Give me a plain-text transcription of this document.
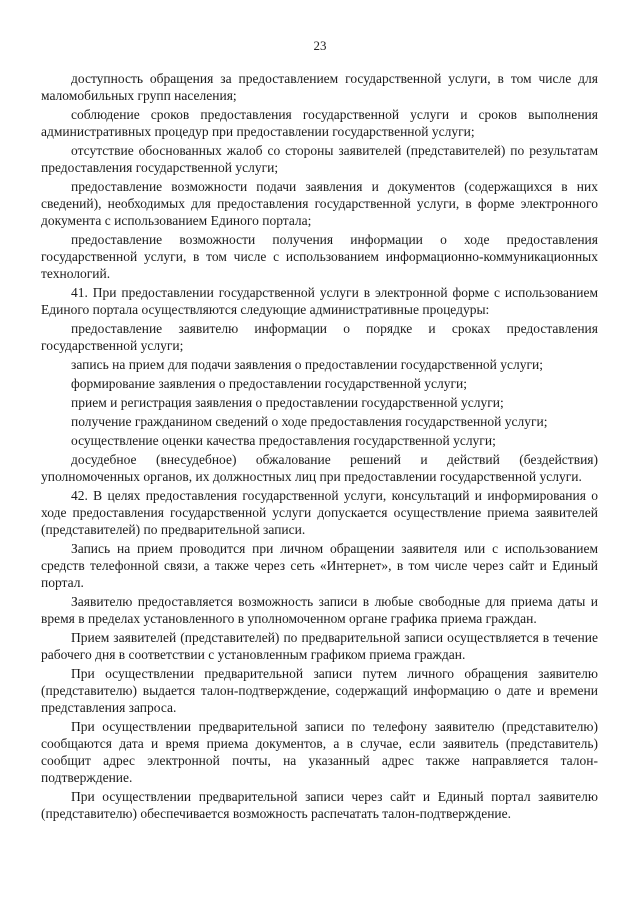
23

доступность обращения за предоставлением государственной услуги, в том числе для маломобильных групп населения;

соблюдение сроков предоставления государственной услуги и сроков выполнения административных процедур при предоставлении государственной услуги;

отсутствие обоснованных жалоб со стороны заявителей (представителей) по результатам предоставления государственной услуги;

предоставление возможности подачи заявления и документов (содержащихся в них сведений), необходимых для предоставления государственной услуги, в форме электронного документа с использованием Единого портала;

предоставление возможности получения информации о ходе предоставления государственной услуги, в том числе с использованием информационно-коммуникационных технологий.

41. При предоставлении государственной услуги в электронной форме с использованием Единого портала осуществляются следующие административные процедуры:

предоставление заявителю информации о порядке и сроках предоставления государственной услуги;

запись на прием для подачи заявления о предоставлении государственной услуги;

формирование заявления о предоставлении государственной услуги;

прием и регистрация заявления о предоставлении государственной услуги;

получение гражданином сведений о ходе предоставления государственной услуги;

осуществление оценки качества предоставления государственной услуги;

досудебное (внесудебное) обжалование решений и действий (бездействия) уполномоченных органов, их должностных лиц при предоставлении государственной услуги.

42. В целях предоставления государственной услуги, консультаций и информирования о ходе предоставления государственной услуги допускается осуществление приема заявителей (представителей) по предварительной записи.

Запись на прием проводится при личном обращении заявителя или с использованием средств телефонной связи, а также через сеть «Интернет», в том числе через сайт и Единый портал.

Заявителю предоставляется возможность записи в любые свободные для приема даты и время в пределах установленного в уполномоченном органе графика приема граждан.

Прием заявителей (представителей) по предварительной записи осуществляется в течение рабочего дня в соответствии с установленным графиком приема граждан.

При осуществлении предварительной записи путем личного обращения заявителю (представителю) выдается талон-подтверждение, содержащий информацию о дате и времени представления запроса.

При осуществлении предварительной записи по телефону заявителю (представителю) сообщаются дата и время приема документов, а в случае, если заявитель (представитель) сообщит адрес электронной почты, на указанный адрес также направляется талон-подтверждение.

При осуществлении предварительной записи через сайт и Единый портал заявителю (представителю) обеспечивается возможность распечатать талон-подтверждение.
